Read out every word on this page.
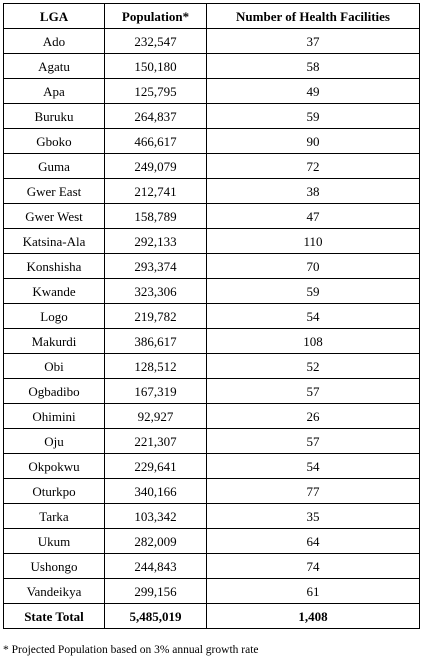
LGA	Population*	Number of Health Facilities
Ado	232,547	37
Agatu	150,180	58
Apa	125,795	49
Buruku	264,837	59
Gboko	466,617	90
Guma	249,079	72
Gwer East	212,741	38
Gwer West	158,789	47
Katsina-Ala	292,133	110
Konshisha	293,374	70
Kwande	323,306	59
Logo	219,782	54
Makurdi	386,617	108
Obi	128,512	52
Ogbadibo	167,319	57
Ohimini	92,927	26
Oju	221,307	57
Okpokwu	229,641	54
Oturkpo	340,166	77
Tarka	103,342	35
Ukum	282,009	64
Ushongo	244,843	74
Vandeikya	299,156	61
State Total	5,485,019	1,408
* Projected Population based on 3% annual growth rate
